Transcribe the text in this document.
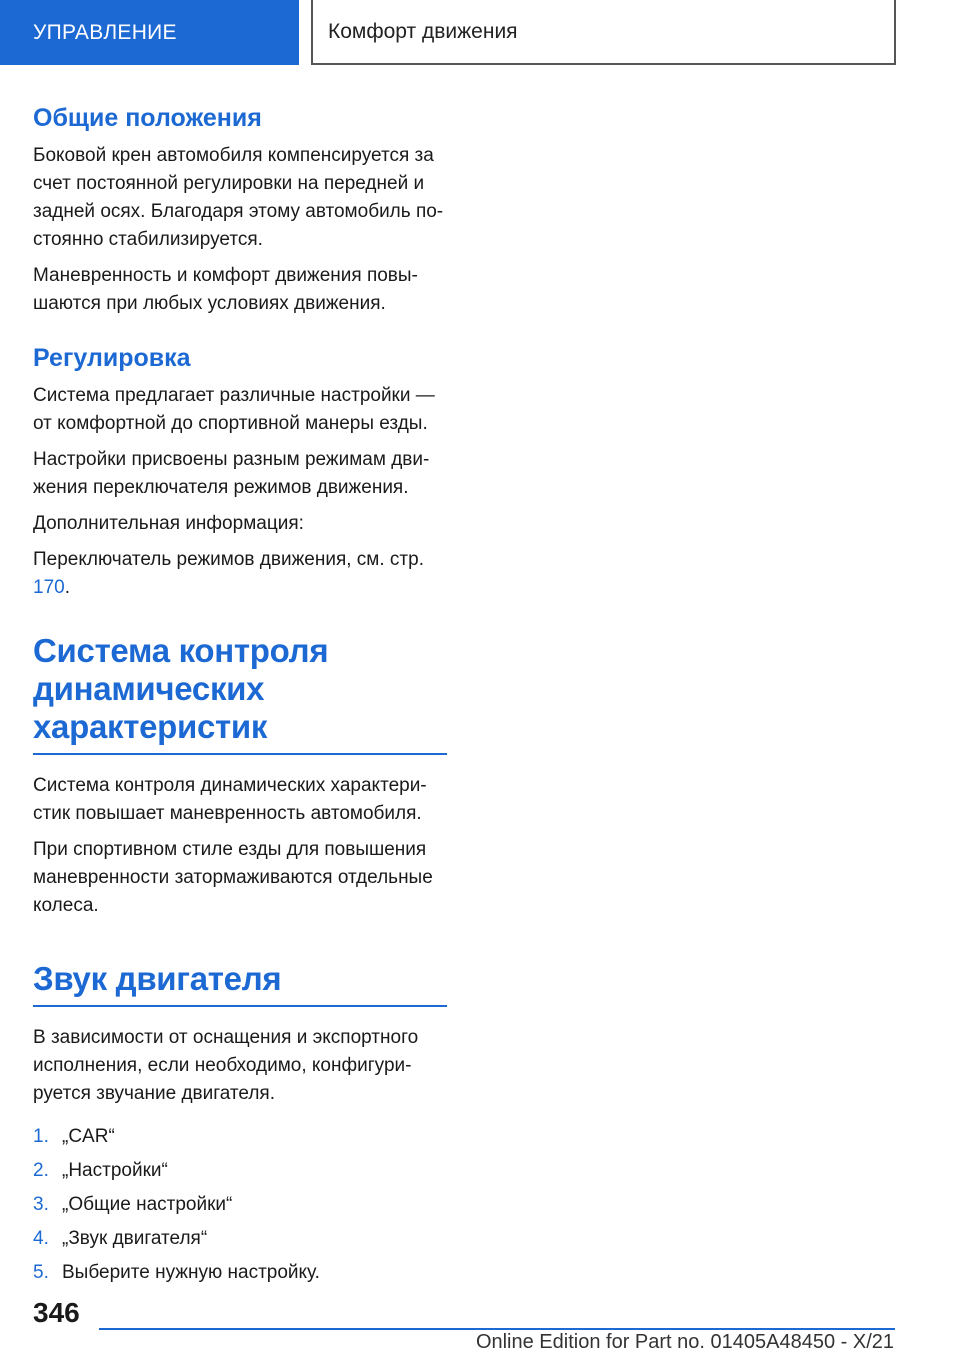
УПРАВЛЕНИЕ	Комфорт движения
Общие положения

Боковой крен автомобиля компенсируется за счет постоянной регулировки на передней и задней осях. Благодаря этому автомобиль по-стоянно стабилизируется.

Маневренность и комфорт движения повы-шаются при любых условиях движения.

Регулировка

Система предлагает различные настройки — от комфортной до спортивной манеры езды.

Настройки присвоены разным режимам дви-жения переключателя режимов движения.

Дополнительная информация:

Переключатель режимов движения, см. стр. 170.

Система контроля динамических характеристик

Система контроля динамических характери-стик повышает маневренность автомобиля.

При спортивном стиле езды для повышения маневренности затормаживаются отдельные колеса.

Звук двигателя

В зависимости от оснащения и экспортного исполнения, если необходимо, конфигури-руется звучание двигателя.

1. „CAR“
2. „Настройки“
3. „Общие настройки“
4. „Звук двигателя“
5. Выберите нужную настройку.
346
Online Edition for Part no. 01405A48450 - X/21
